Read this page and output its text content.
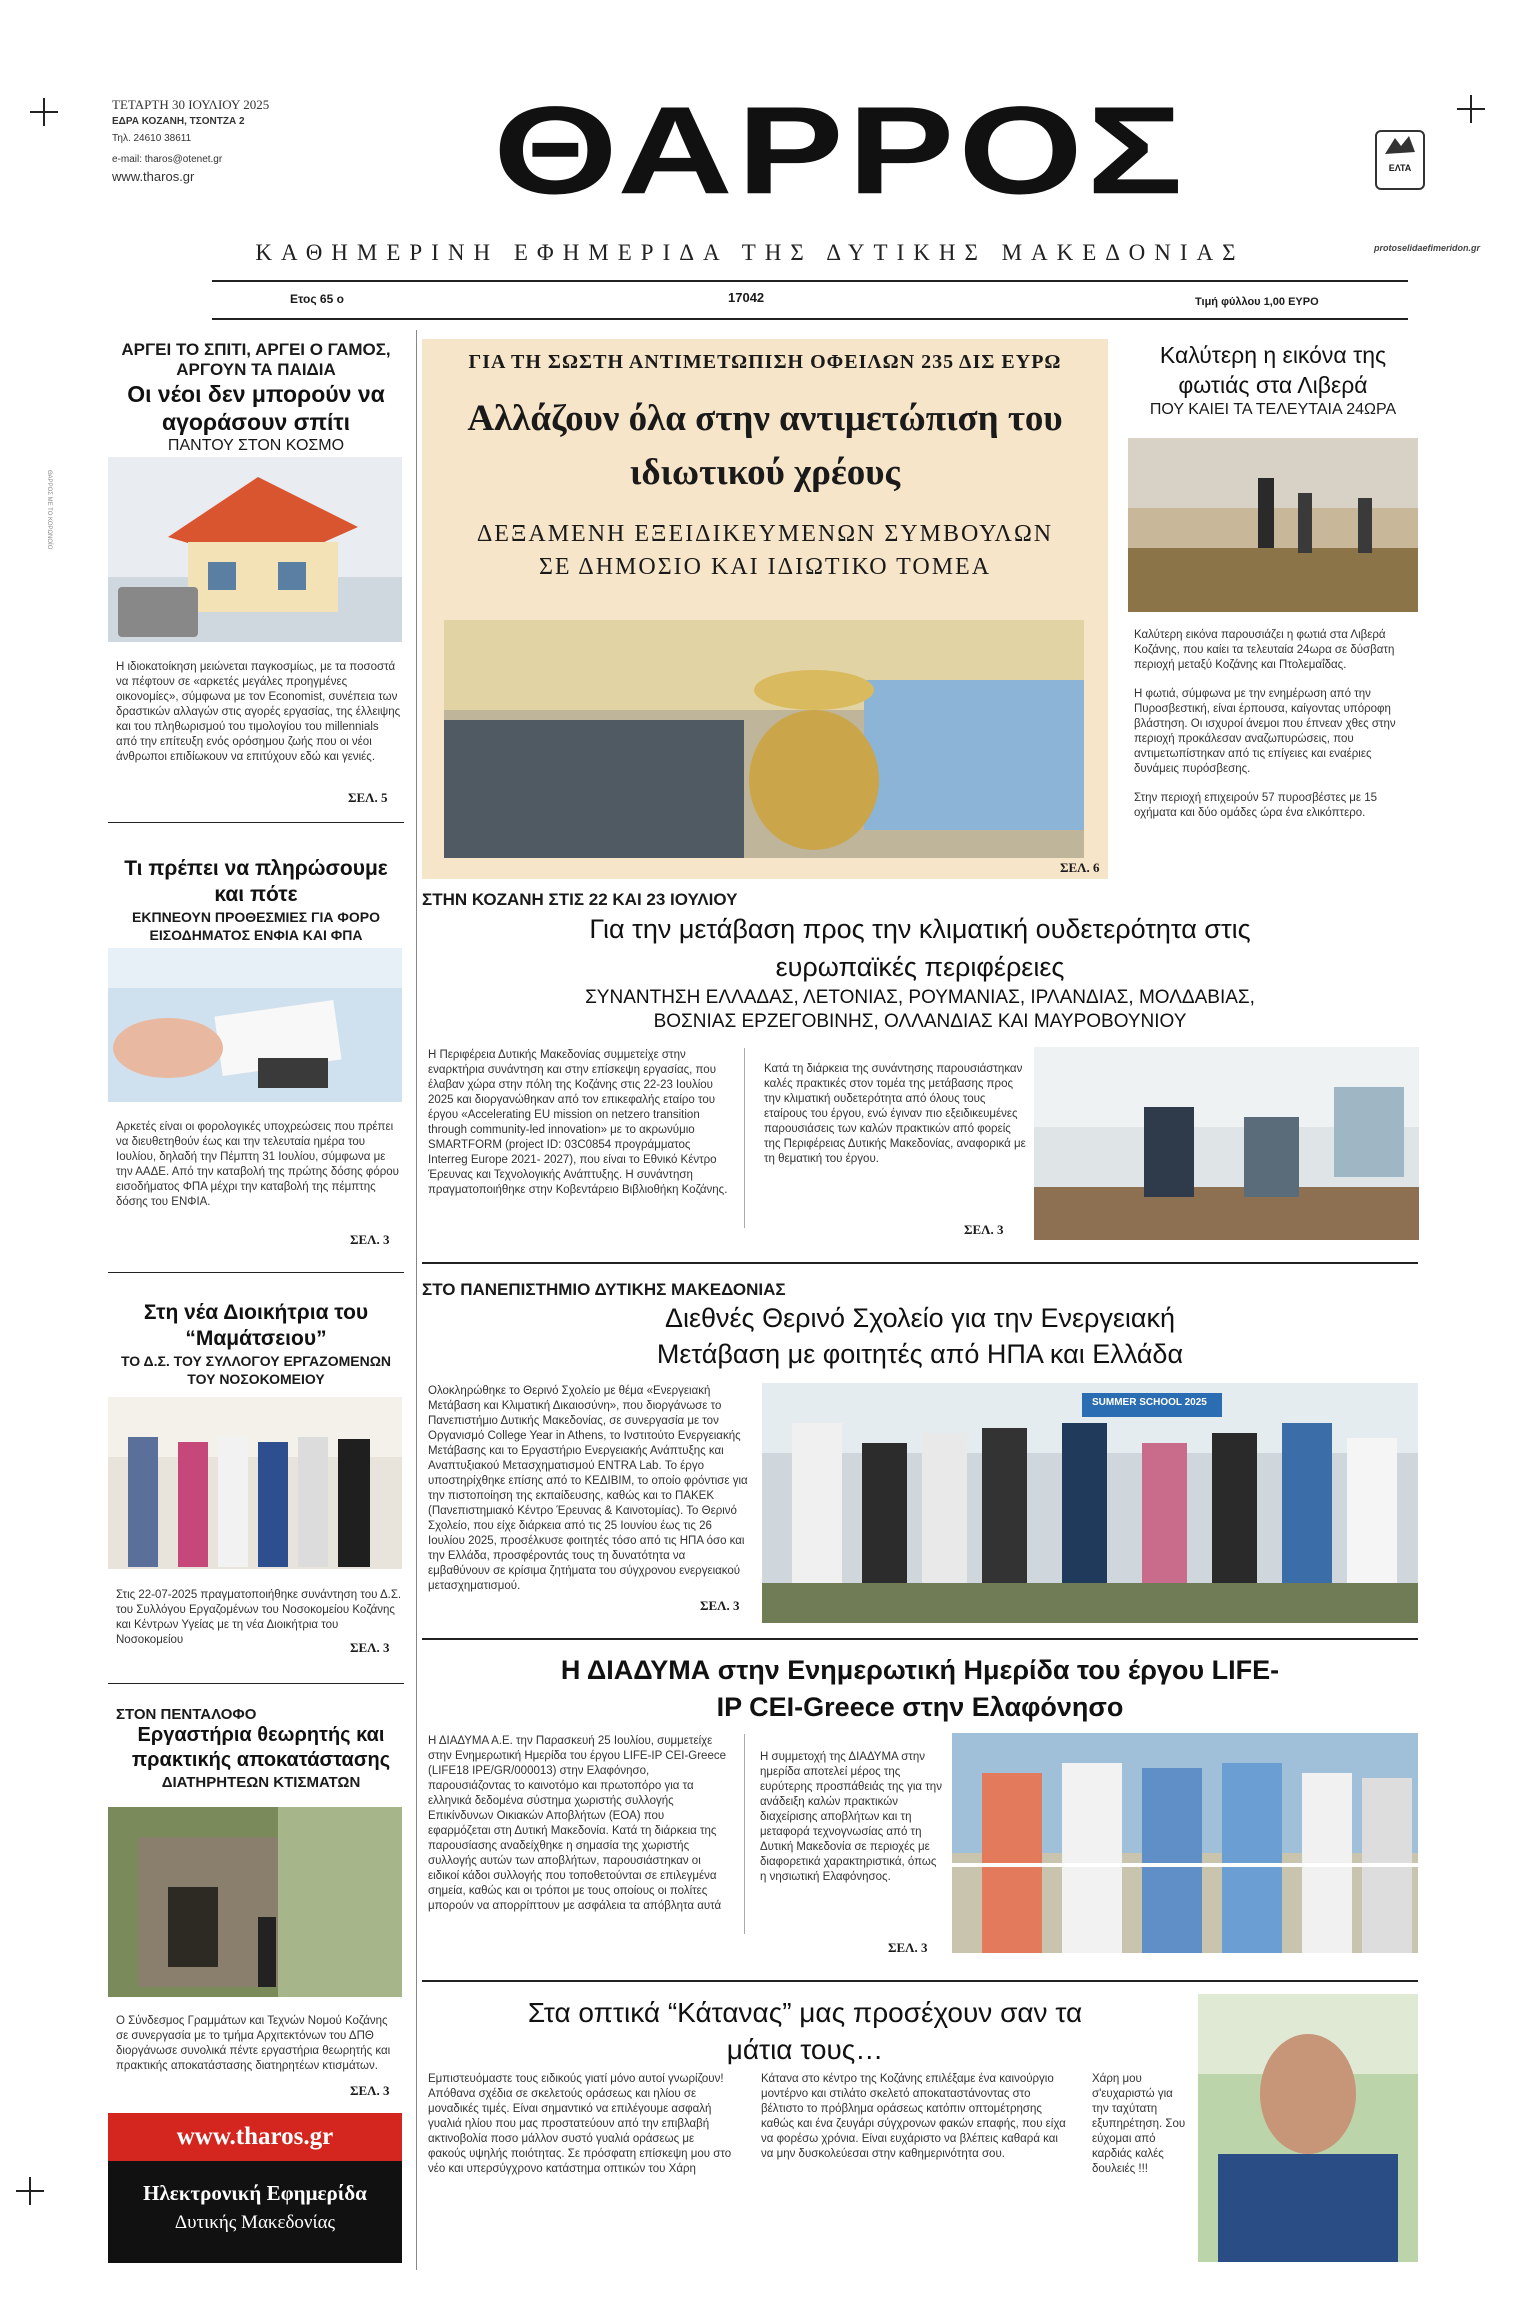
ΘΑΡΡΟΣ ΜΕ ΤΟ ΚΟΡΩΝΟΪΟ
ΤΕΤΑΡΤΗ 30 ΙΟΥΛΙΟΥ 2025
ΕΔΡΑ ΚΟΖΑΝΗ, ΤΣΟΝΤΖΑ 2
Τηλ. 24610 38611
e-mail: tharos@otenet.gr
www.tharos.gr	ΘΑΡΡΟΣ	ΕΛΤΑ
ΚΑΘΗΜΕΡΙΝΗ ΕΦΗΜΕΡΙΔΑ ΤΗΣ ΔΥΤΙΚΗΣ ΜΑΚΕΔΟΝΙΑΣ	protoselidaefimeridon.gr
Ετος 65 ο	17042	Τιμή φύλλου 1,00 ΕΥΡΟ
ΑΡΓΕΙ ΤΟ ΣΠΙΤΙ, ΑΡΓΕΙ Ο ΓΑΜΟΣ, ΑΡΓΟΥΝ ΤΑ ΠΑΙΔΙΑ
Οι νέοι δεν μπορούν να αγοράσουν σπίτι
ΠΑΝΤΟΥ ΣΤΟΝ ΚΟΣΜΟ
Η ιδιοκατοίκηση μειώνεται παγκοσμίως, με τα ποσοστά να πέφτουν σε «αρκετές μεγάλες προηγμένες οικονομίες», σύμφωνα με τον Economist, συνέπεια των δραστικών αλλαγών στις αγορές εργασίας, της έλλειψης και του πληθωρισμού του τιμολογίου του millennials από την επίτευξη ενός ορόσημου ζωής που οι νέοι άνθρωποι επιδίωκουν να επιτύχουν εδώ και γενιές.
ΣΕΛ. 5
Τι πρέπει να πληρώσουμε και πότε
ΕΚΠΝΕΟΥΝ ΠΡΟΘΕΣΜΙΕΣ ΓΙΑ ΦΟΡΟ ΕΙΣΟΔΗΜΑΤΟΣ ΕΝΦΙΑ ΚΑΙ ΦΠΑ
Αρκετές είναι οι φορολογικές υποχρεώσεις που πρέπει να διευθετηθούν έως και την τελευταία ημέρα του Ιουλίου, δηλαδή την Πέμπτη 31 Ιουλίου, σύμφωνα με την ΑΑΔΕ. Από την καταβολή της πρώτης δόσης φόρου εισοδήματος ΦΠΑ μέχρι την καταβολή της πέμπτης δόσης του ΕΝΦΙΑ.
ΣΕΛ. 3
Στη νέα Διοικήτρια του “Μαμάτσειου”
ΤΟ Δ.Σ. ΤΟΥ ΣΥΛΛΟΓΟΥ ΕΡΓΑΖΟΜΕΝΩΝ ΤΟΥ ΝΟΣΟΚΟΜΕΙΟΥ
Στις 22-07-2025 πραγματοποιήθηκε συνάντηση του Δ.Σ. του Συλλόγου Εργαζομένων του Νοσοκομείου Κοζάνης και Κέντρων Υγείας με τη νέα Διοικήτρια του Νοσοκομείου	ΣΕΛ. 3
ΣΤΟΝ ΠΕΝΤΑΛΟΦΟ
Εργαστήρια θεωρητής και πρακτικής αποκατάστασης
ΔΙΑΤΗΡΗΤΕΩΝ ΚΤΙΣΜΑΤΩΝ
Ο Σύνδεσμος Γραμμάτων και Τεχνών Νομού Κοζάνης σε συνεργασία με το τμήμα Αρχιτεκτόνων του ΔΠΘ διοργάνωσε συνολικά πέντε εργαστήρια θεωρητής και πρακτικής αποκατάστασης διατηρητέων κτισμάτων.
ΣΕΛ. 3
www.tharos.gr
Ηλεκτρονική Εφημερίδα
Δυτικής Μακεδονίας
ΓΙΑ ΤΗ ΣΩΣΤΗ ΑΝΤΙΜΕΤΩΠΙΣΗ ΟΦΕΙΛΩΝ 235 ΔΙΣ ΕΥΡΩ
Αλλάζουν όλα στην αντιμετώπιση του ιδιωτικού χρέους
ΔΕΞΑΜΕΝΗ ΕΞΕΙΔΙΚΕΥΜΕΝΩΝ ΣΥΜΒΟΥΛΩΝ ΣΕ ΔΗΜΟΣΙΟ ΚΑΙ ΙΔΙΩΤΙΚΟ ΤΟΜΕΑ
ΣΕΛ. 6
Καλύτερη η εικόνα της φωτιάς στα Λιβερά
ΠΟΥ ΚΑΙΕΙ ΤΑ ΤΕΛΕΥΤΑΙΑ 24ΩΡΑ
Καλύτερη εικόνα παρουσιάζει η φωτιά στα Λιβερά Κοζάνης, που καίει τα τελευταία 24ωρα σε δύσβατη περιοχή μεταξύ Κοζάνης και Πτολεμαΐδας.
Η φωτιά, σύμφωνα με την ενημέρωση από την Πυροσβεστική, είναι έρπουσα, καίγοντας υπόροφη βλάστηση. Οι ισχυροί άνεμοι που έπνεαν χθες στην περιοχή προκάλεσαν αναζωπυρώσεις, που αντιμετωπίστηκαν από τις επίγειες και εναέριες δυνάμεις πυρόσβεσης.
Στην περιοχή επιχειρούν 57 πυροσβέστες με 15 οχήματα και δύο ομάδες ώρα ένα ελικόπτερο.
ΣΤΗΝ ΚΟΖΑΝΗ ΣΤΙΣ 22 ΚΑΙ 23 ΙΟΥΛΙΟΥ
Για την μετάβαση προς την κλιματική ουδετερότητα στις ευρωπαϊκές περιφέρειες
ΣΥΝΑΝΤΗΣΗ ΕΛΛΑΔΑΣ, ΛΕΤΟΝΙΑΣ, ΡΟΥΜΑΝΙΑΣ, ΙΡΛΑΝΔΙΑΣ, ΜΟΛΔΑΒΙΑΣ, ΒΟΣΝΙΑΣ ΕΡΖΕΓΟΒΙΝΗΣ, ΟΛΛΑΝΔΙΑΣ ΚΑΙ ΜΑΥΡΟΒΟΥΝΙΟΥ
Η Περιφέρεια Δυτικής Μακεδονίας συμμετείχε στην εναρκτήρια συνάντηση και στην επίσκεψη εργασίας, που έλαβαν χώρα στην πόλη της Κοζάνης στις 22-23 Ιουλίου 2025 και διοργανώθηκαν από τον επικεφαλής εταίρο του έργου «Accelerating EU mission on netzero transition through community-led innovation» με το ακρωνύμιο SMARTFORM (project ID: 03C0854 προγράμματος Interreg Europe 2021- 2027), που είναι το Εθνικό Κέντρο Έρευνας και Τεχνολογικής Ανάπτυξης. Η συνάντηση πραγματοποιήθηκε στην Κοβεντάρειο Βιβλιοθήκη Κοζάνης.
Κατά τη διάρκεια της συνάντησης παρουσιάστηκαν καλές πρακτικές στον τομέα της μετάβασης προς την κλιματική ουδετερότητα από όλους τους εταίρους του έργου, ενώ έγιναν πιο εξειδικευμένες παρουσιάσεις των καλών πρακτικών από φορείς της Περιφέρειας Δυτικής Μακεδονίας, αναφορικά με τη θεματική του έργου.
ΣΕΛ. 3
ΣΤΟ ΠΑΝΕΠΙΣΤΗΜΙΟ ΔΥΤΙΚΗΣ ΜΑΚΕΔΟΝΙΑΣ
Διεθνές Θερινό Σχολείο για την Ενεργειακή Μετάβαση με φοιτητές από ΗΠΑ και Ελλάδα
Ολοκληρώθηκε το Θερινό Σχολείο με θέμα «Ενεργειακή Μετάβαση και Κλιματική Δικαιοσύνη», που διοργάνωσε το Πανεπιστήμιο Δυτικής Μακεδονίας, σε συνεργασία με τον Οργανισμό College Year in Athens, το Ινστιτούτο Ενεργειακής Μετάβασης και το Εργαστήριο Ενεργειακής Ανάπτυξης και Αναπτυξιακού Μετασχηματισμού ENTRA Lab. Το έργο υποστηρίχθηκε επίσης από το ΚΕΔΙΒΙΜ, το οποίο φρόντισε για την πιστοποίηση της εκπαίδευσης, καθώς και το ΠΑΚΕΚ (Πανεπιστημιακό Κέντρο Έρευνας & Καινοτομίας). Το Θερινό Σχολείο, που είχε διάρκεια από τις 25 Ιουνίου έως τις 26 Ιουλίου 2025, προσέλκυσε φοιτητές τόσο από τις ΗΠΑ όσο και την Ελλάδα, προσφέροντάς τους τη δυνατότητα να εμβαθύνουν σε κρίσιμα ζητήματα του σύγχρονου ενεργειακού μετασχηματισμού.
ΣΕΛ. 3
SUMMER SCHOOL 2025
Η ΔΙΑΔΥΜΑ στην Ενημερωτική Ημερίδα του έργου LIFE-IP CEI-Greece στην Ελαφόνησο
Η ΔΙΑΔΥΜΑ Α.Ε. την Παρασκευή 25 Ιουλίου, συμμετείχε στην Ενημερωτική Ημερίδα του έργου LIFE-IP CEI-Greece (LIFE18 IPE/GR/000013) στην Ελαφόνησο, παρουσιάζοντας το καινοτόμο και πρωτοπόρο για τα ελληνικά δεδομένα σύστημα χωριστής συλλογής Επικίνδυνων Οικιακών Αποβλήτων (ΕΟΑ) που εφαρμόζεται στη Δυτική Μακεδονία. Κατά τη διάρκεια της παρουσίασης αναδείχθηκε η σημασία της χωριστής συλλογής αυτών των αποβλήτων, παρουσιάστηκαν οι ειδικοί κάδοι συλλογής που τοποθετούνται σε επιλεγμένα σημεία, καθώς και οι τρόποι με τους οποίους οι πολίτες μπορούν να απορρίπτουν με ασφάλεια τα απόβλητα αυτά
Η συμμετοχή της ΔΙΑΔΥΜΑ στην ημερίδα αποτελεί μέρος της ευρύτερης προσπάθειάς της για την ανάδειξη καλών πρακτικών διαχείρισης αποβλήτων και τη μεταφορά τεχνογνωσίας από τη Δυτική Μακεδονία σε περιοχές με διαφορετικά χαρακτηριστικά, όπως η νησιωτική Ελαφόνησος.
ΣΕΛ. 3
Στα οπτικά “Κάτανας” μας προσέχουν σαν τα μάτια τους…
Εμπιστευόμαστε τους ειδικούς γιατί μόνο αυτοί γνωρίζουν! Απόθανα σχέδια σε σκελετούς οράσεως και ηλίου σε μοναδικές τιμές. Είναι σημαντικό να επιλέγουμε ασφαλή γυαλιά ηλίου που μας προστατεύουν από την επιβλαβή ακτινοβολία ποσο μάλλον συστό γυαλιά οράσεως με φακούς υψηλής ποιότητας. Σε πρόσφατη επίσκεψη μου στο νέο και υπερσύγχρονο κατάστημα οπτικών του Χάρη Κάτανα στο κέντρο της Κοζάνης επιλέξαμε ένα καινούργιο μοντέρνο και στιλάτο σκελετό αποκαταστάνοντας στο βέλτιστο το πρόβλημα οράσεως κατόπιν οπτομέτρησης καθώς και ένα ζευγάρι σύγχρονων φακών επαφής, που είχα να φορέσω χρόνια. Είναι ευχάριστο να βλέπεις καθαρά και να μην δυσκολεύεσαι στην καθημερινότητα σου.
Χάρη μου σ'ευχαριστώ για την ταχύτατη εξυπηρέτηση. Σου εύχομαι από καρδιάς καλές δουλειές !!!
